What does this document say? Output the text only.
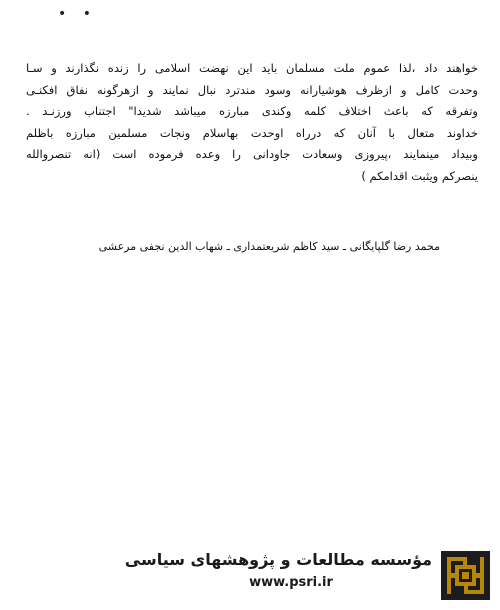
• •
خواهند داد ،لذا عموم ملت مسلمان باید این نهضت اسلامی را زنده نگذارند و سـا
وحدت کامل و ازظرف هوشیارانه وسود مندترد نبال نمایند و ازهرگونه نفاق افکنـی
وتفرقه که باعث اختلاف کلمه وکندی مبارزه میباشد شدیدا" اجتناب ورزنـد .
خداوند متعال با آنان که درراه اوحدت بهاسلام ونجات مسلمین مبارزه باظلم
وبیداد مینمایند ،پیروزی وسعادت جاودانی را وعده فرموده است (انه تنصروالله
ینصرکم ویثبت اقدامکم )
محمد رضا گلپایگانی ـ سید کاظم شریعتمداری ـ شهاب الدین نجفی مرعشی
مؤسسه مطالعات و پژوهشهای سیاسی
www.psri.ir
